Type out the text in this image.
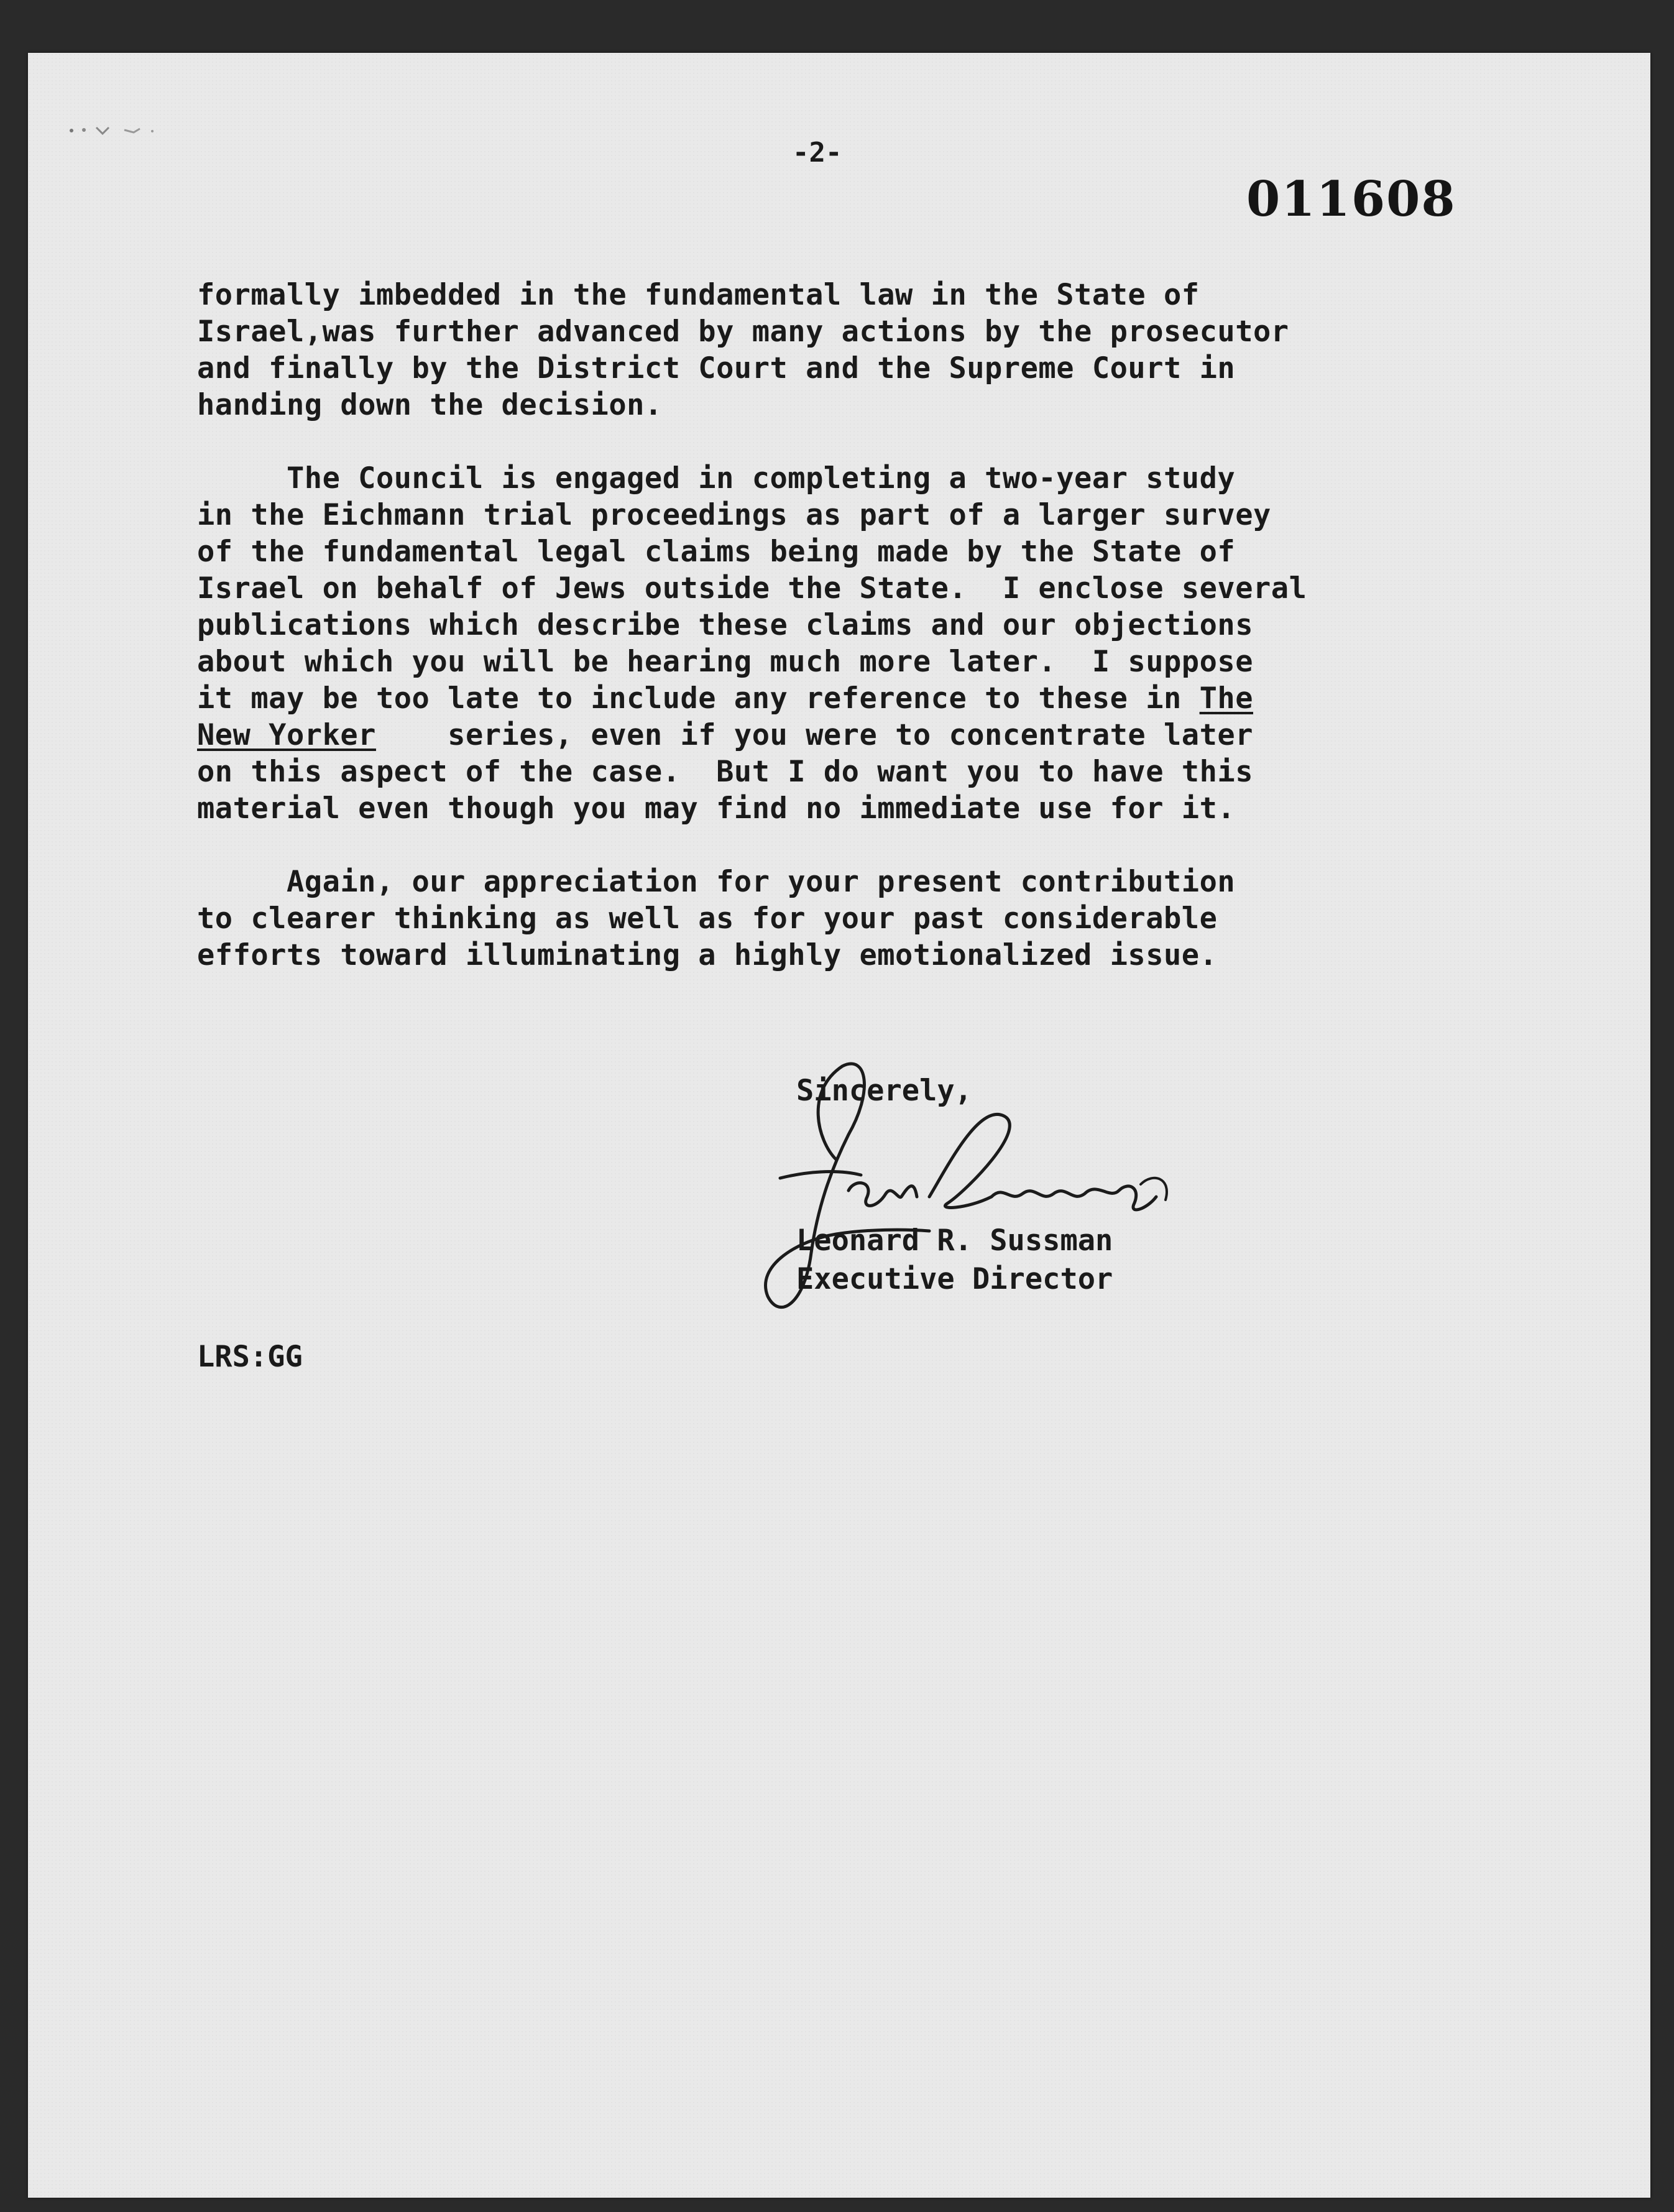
-2-
011608
formally imbedded in the fundamental law in the State of
Israel,was further advanced by many actions by the prosecutor
and finally by the District Court and the Supreme Court in
handing down the decision.
The Council is engaged in completing a two-year study
in the Eichmann trial proceedings as part of a larger survey
of the fundamental legal claims being made by the State of
Israel on behalf of Jews outside the State.  I enclose several
publications which describe these claims and our objections
about which you will be hearing much more later.  I suppose
it may be too late to include any reference to these in The
New Yorker series, even if you were to concentrate later
on this aspect of the case.  But I do want you to have this
material even though you may find no immediate use for it.
Again, our appreciation for your present contribution
to clearer thinking as well as for your past considerable
efforts toward illuminating a highly emotionalized issue.
Sincerely,
Leonard R. Sussman
Executive Director
LRS:GG
